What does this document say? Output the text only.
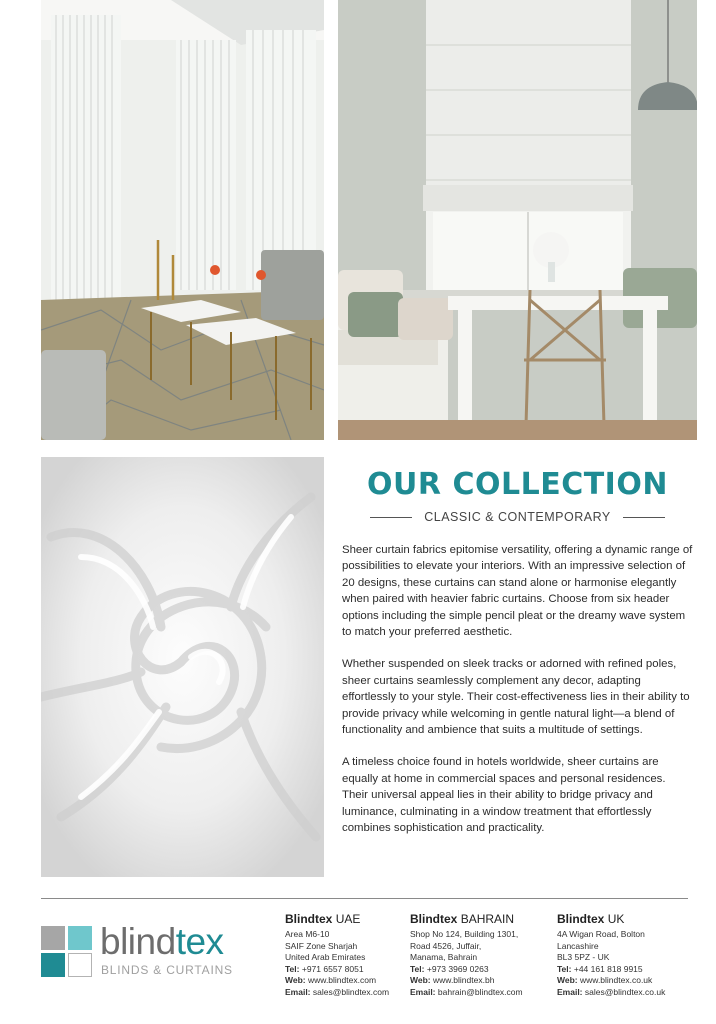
OUR COLLECTION
CLASSIC & CONTEMPORARY

Sheer curtain fabrics epitomise versatility, offering a dynamic range of possibilities to elevate your interiors. With an impressive selection of 20 designs, these curtains can stand alone or harmonise elegantly when paired with heavier fabric curtains. Choose from six header options including the simple pencil pleat or the dreamy wave system to match your preferred aesthetic.

Whether suspended on sleek tracks or adorned with refined poles, sheer curtains seamlessly complement any decor, adapting effortlessly to your style. Their cost-effectiveness lies in their ability to provide privacy while welcoming in gentle natural light—a blend of functionality and ambience that suits a multitude of settings.

A timeless choice found in hotels worldwide, sheer curtains are equally at home in commercial spaces and personal residences. Their universal appeal lies in their ability to bridge privacy and luminance, culminating in a window treatment that effortlessly combines sophistication and practicality.

blindtex
BLINDS & CURTAINS
Blindtex UAE
Area M6-10
SAIF Zone Sharjah
United Arab Emirates
Tel: +971 6557 8051
Web: www.blindtex.com
Email: sales@blindtex.com
Blindtex BAHRAIN
Shop No 124, Building 1301,
Road 4526, Juffair,
Manama, Bahrain
Tel: +973 3969 0263
Web: www.blindtex.bh
Email: bahrain@blindtex.com
Blindtex UK
4A Wigan Road, Bolton
Lancashire
BL3 5PZ - UK
Tel: +44 161 818 9915
Web: www.blindtex.co.uk
Email: sales@blindtex.co.uk
